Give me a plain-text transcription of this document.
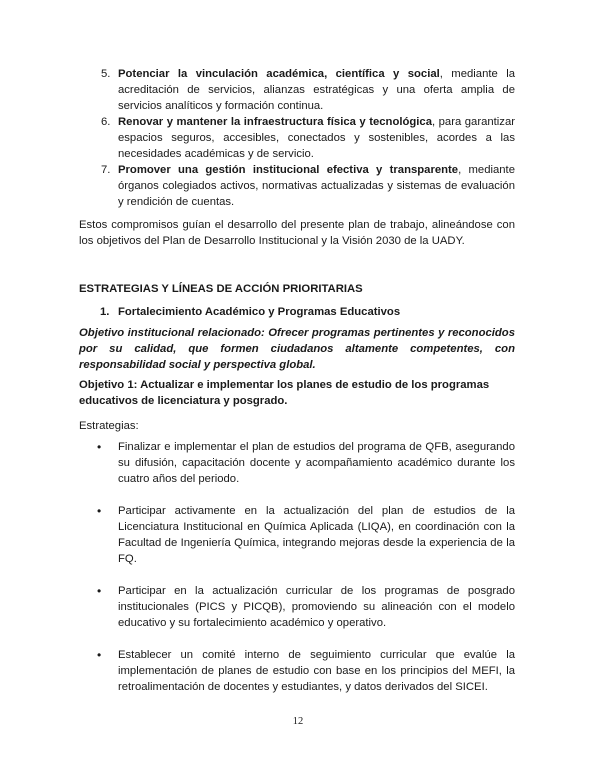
5. Potenciar la vinculación académica, científica y social, mediante la acreditación de servicios, alianzas estratégicas y una oferta amplia de servicios analíticos y formación continua.
6. Renovar y mantener la infraestructura física y tecnológica, para garantizar espacios seguros, accesibles, conectados y sostenibles, acordes a las necesidades académicas y de servicio.
7. Promover una gestión institucional efectiva y transparente, mediante órganos colegiados activos, normativas actualizadas y sistemas de evaluación y rendición de cuentas.
Estos compromisos guían el desarrollo del presente plan de trabajo, alineándose con los objetivos del Plan de Desarrollo Institucional y la Visión 2030 de la UADY.
ESTRATEGIAS Y LÍNEAS DE ACCIÓN PRIORITARIAS
1. Fortalecimiento Académico y Programas Educativos
Objetivo institucional relacionado: Ofrecer programas pertinentes y reconocidos por su calidad, que formen ciudadanos altamente competentes, con responsabilidad social y perspectiva global.
Objetivo 1: Actualizar e implementar los planes de estudio de los programas educativos de licenciatura y posgrado.
Estrategias:
• Finalizar e implementar el plan de estudios del programa de QFB, asegurando su difusión, capacitación docente y acompañamiento académico durante los cuatro años del periodo.
• Participar activamente en la actualización del plan de estudios de la Licenciatura Institucional en Química Aplicada (LIQA), en coordinación con la Facultad de Ingeniería Química, integrando mejoras desde la experiencia de la FQ.
• Participar en la actualización curricular de los programas de posgrado institucionales (PICS y PICQB), promoviendo su alineación con el modelo educativo y su fortalecimiento académico y operativo.
• Establecer un comité interno de seguimiento curricular que evalúe la implementación de planes de estudio con base en los principios del MEFI, la retroalimentación de docentes y estudiantes, y datos derivados del SICEI.
12
